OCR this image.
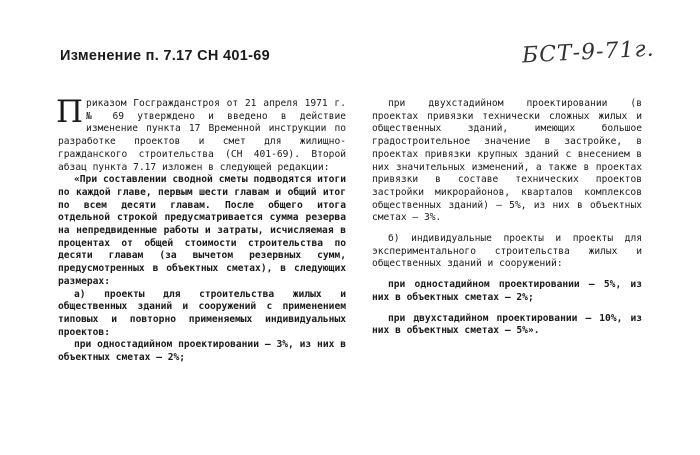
Изменение п. 7.17 СН 401-69	БСТ-9-71г.

Приказом Госгражданстроя от 21 апреля 1971 г. № 69 утверждено и введено в действие изменение пункта 17 Временной инструкции по разработке проектов и смет для жилищно-гражданского строительства (СН 401-69). Второй абзац пункта 7.17 изложен в следующей редакции:

«При составлении сводной сметы подводятся итоги по каждой главе, первым шести главам и общий итог по всем десяти главам. После общего итога отдельной строкой предусматривается сумма резерва на непредвиденные работы и затраты, исчисляемая в процентах от общей стоимости строительства по десяти главам (за вычетом резервных сумм, предусмотренных в объектных сметах), в следующих размерах:

а) проекты для строительства жилых и общественных зданий и сооружений с применением типовых и повторно применяемых индивидуальных проектов:

при одностадийном проектировании — 3%, из них в объектных сметах — 2%;

при двухстадийном проектировании (в проектах привязки технически сложных жилых и общественных зданий, имеющих большое градостроительное значение в застройке, в проектах привязки крупных зданий с внесением в них значительных изменений, а также в проектах привязки в составе технических проектов застройки микрорайонов, кварталов комплексов общественных зданий) — 5%, из них в объектных сметах — 3%.

б) индивидуальные проекты и проекты для экспериментального строительства жилых и общественных зданий и сооружений:

при одностадийном проектировании — 5%, из них в объектных сметах — 2%;

при двухстадийном проектировании — 10%, из них в объектных сметах — 5%».
